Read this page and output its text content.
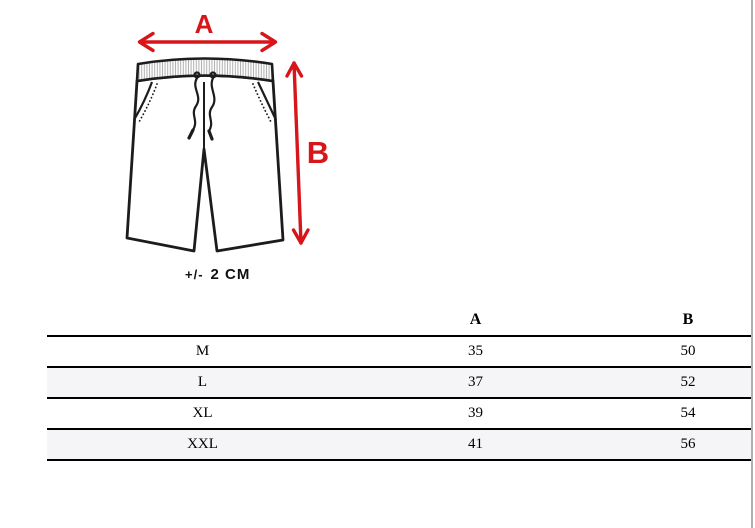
A
B
+/- 2 CM
	A	B
M	35	50
L	37	52
XL	39	54
XXL	41	56
